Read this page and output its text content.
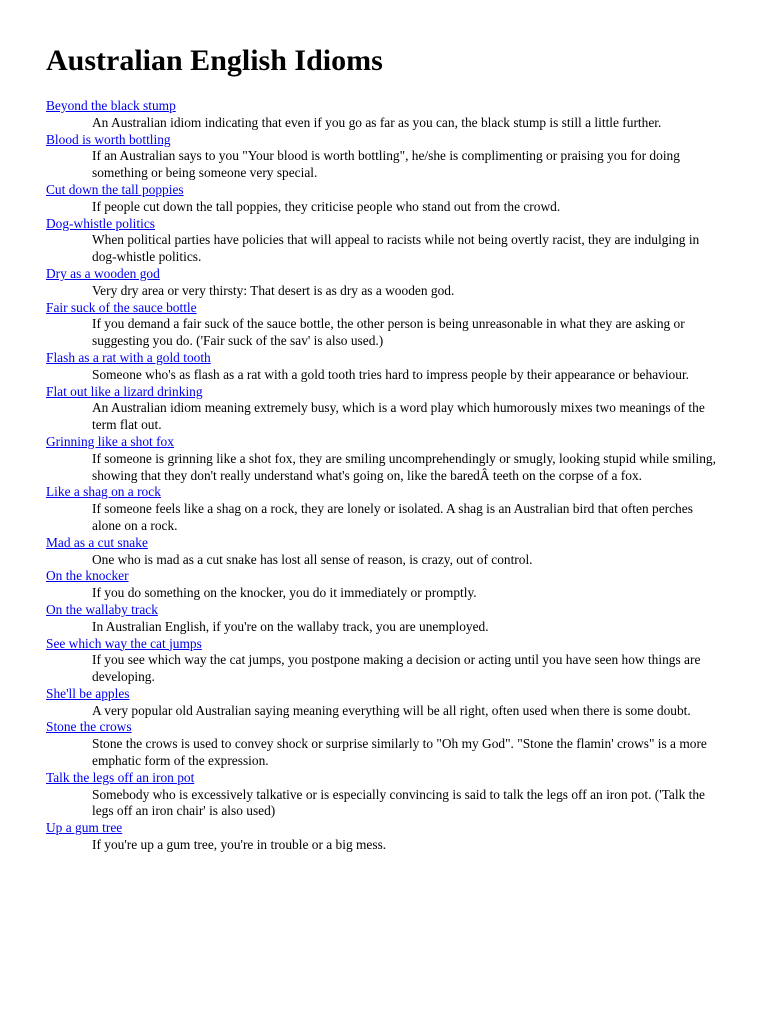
Australian English Idioms
Beyond the black stump
An Australian idiom indicating that even if you go as far as you can, the black stump is still a little further.
Blood is worth bottling
If an Australian says to you "Your blood is worth bottling", he/she is complimenting or praising you for doing something or being someone very special.
Cut down the tall poppies
If people cut down the tall poppies, they criticise people who stand out from the crowd.
Dog-whistle politics
When political parties have policies that will appeal to racists while not being overtly racist, they are indulging in dog-whistle politics.
Dry as a wooden god
Very dry area or very thirsty: That desert is as dry as a wooden god.
Fair suck of the sauce bottle
If you demand a fair suck of the sauce bottle, the other person is being unreasonable in what they are asking or suggesting you do. ('Fair suck of the sav' is also used.)
Flash as a rat with a gold tooth
Someone who's as flash as a rat with a gold tooth tries hard to impress people by their appearance or behaviour.
Flat out like a lizard drinking
An Australian idiom meaning extremely busy, which is a word play which humorously mixes two meanings of the term flat out.
Grinning like a shot fox
If someone is grinning like a shot fox, they are smiling uncomprehendingly or smugly, looking stupid while smiling, showing that they don't really understand what's going on, like the baredÂ teeth on the corpse of a fox.
Like a shag on a rock
If someone feels like a shag on a rock, they are lonely or isolated. A shag is an Australian bird that often perches alone on a rock.
Mad as a cut snake
One who is mad as a cut snake has lost all sense of reason, is crazy, out of control.
On the knocker
If you do something on the knocker, you do it immediately or promptly.
On the wallaby track
In Australian English, if you're on the wallaby track, you are unemployed.
See which way the cat jumps
If you see which way the cat jumps, you postpone making a decision or acting until you have seen how things are developing.
She'll be apples
A very popular old Australian saying meaning everything will be all right, often used when there is some doubt.
Stone the crows
Stone the crows is used to convey shock or surprise similarly to "Oh my God". "Stone the flamin' crows" is a more emphatic form of the expression.
Talk the legs off an iron pot
Somebody who is excessively talkative or is especially convincing is said to talk the legs off an iron pot. ('Talk the legs off an iron chair' is also used)
Up a gum tree
If you're up a gum tree, you're in trouble or a big mess.
